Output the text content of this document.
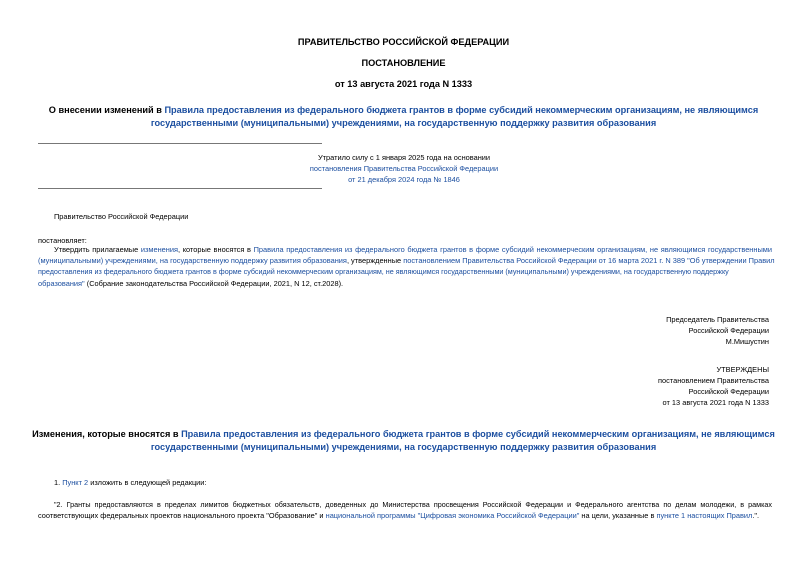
ПРАВИТЕЛЬСТВО РОССИЙСКОЙ ФЕДЕРАЦИИ
ПОСТАНОВЛЕНИЕ
от 13 августа 2021 года N 1333
О внесении изменений в Правила предоставления из федерального бюджета грантов в форме субсидий некоммерческим организациям, не являющимся
государственными (муниципальными) учреждениями, на государственную поддержку развития образования
Утратило силу с 1 января 2025 года на основании
постановления Правительства Российской Федерации
от 21 декабря 2024 года № 1846
Правительство Российской Федерации
постановляет:
Утвердить прилагаемые изменения, которые вносятся в Правила предоставления из федерального бюджета грантов в форме субсидий некоммерческим организациям, не являющимся государственными
(муниципальными) учреждениями, на государственную поддержку развития образования, утвержденные постановлением Правительства Российской Федерации от 16 марта 2021 г. N 389 "Об утверждении Правил
предоставления из федерального бюджета грантов в форме субсидий некоммерческим организациям, не являющимся государственными (муниципальными) учреждениями, на государственную поддержку
образования" (Собрание законодательства Российской Федерации, 2021, N 12, ст.2028).
Председатель Правительства
Российской Федерации
М.Мишустин
УТВЕРЖДЕНЫ
постановлением Правительства
Российской Федерации
от 13 августа 2021 года N 1333
Изменения, которые вносятся в Правила предоставления из федерального бюджета грантов в форме субсидий некоммерческим организациям, не являющимся
государственными (муниципальными) учреждениями, на государственную поддержку развития образования
1. Пункт 2 изложить в следующей редакции:
"2. Гранты предоставляются в пределах лимитов бюджетных обязательств, доведенных до Министерства просвещения Российской Федерации и Федерального агентства по делам молодежи, в рамках
соответствующих федеральных проектов национального проекта "Образование" и национальной программы "Цифровая экономика Российской Федерации" на цели, указанные в пункте 1 настоящих Правил.".
